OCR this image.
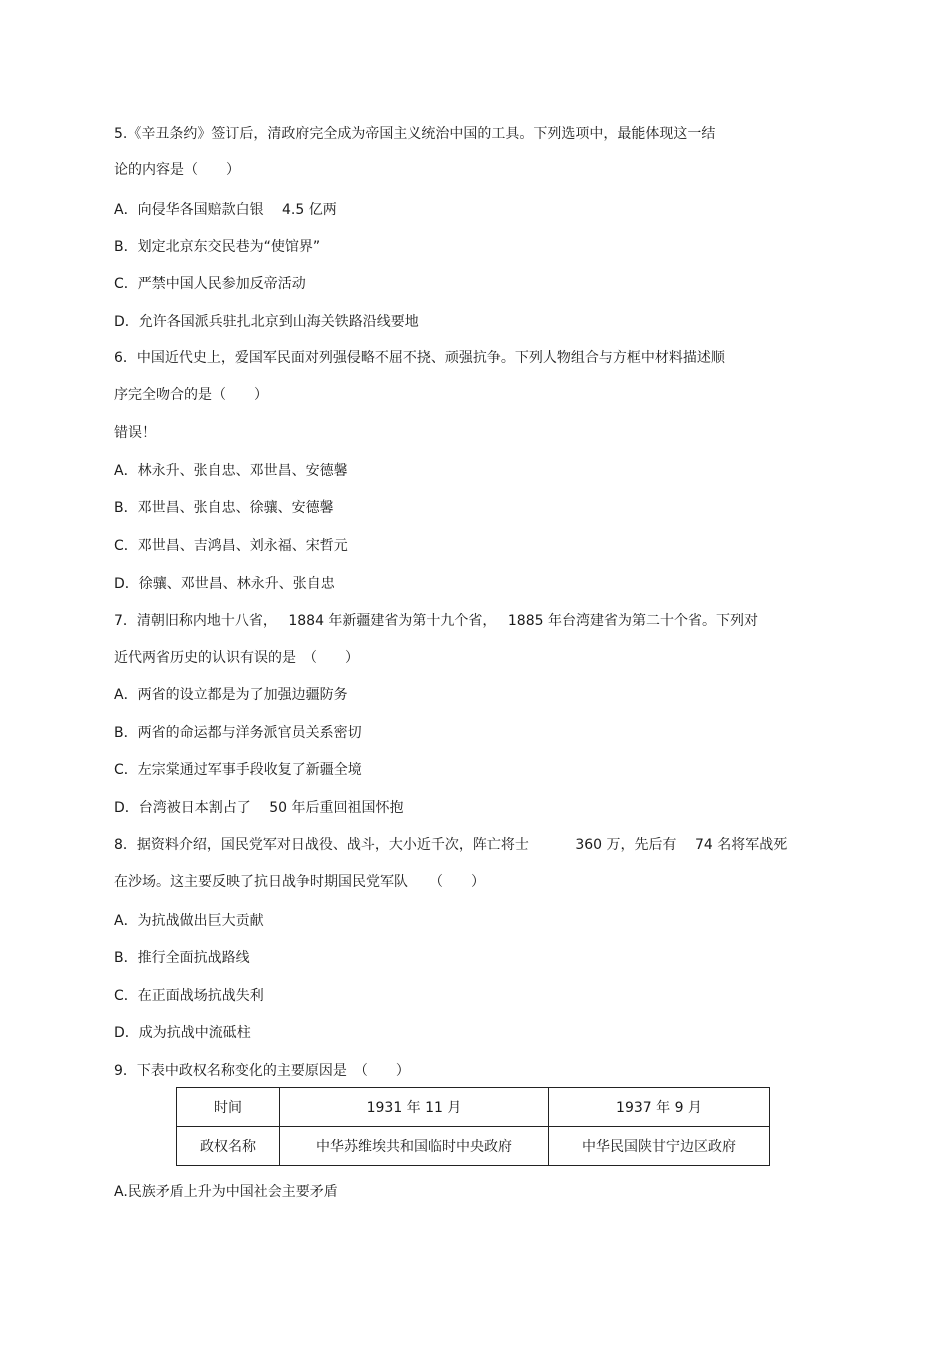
5.《辛丑条约》签订后，清政府完全成为帝国主义统治中国的工具。下列选项中，最能体现这一结
论的内容是（　　）
A．向侵华各国赔款白银　 4.5 亿两
B．划定北京东交民巷为“使馆界”
C．严禁中国人民参加反帝活动
D．允许各国派兵驻扎北京到山海关铁路沿线要地
6．中国近代史上，爱国军民面对列强侵略不屈不挠、顽强抗争。下列人物组合与方框中材料描述顺
序完全吻合的是（　　）
错误！
A．林永升、张自忠、邓世昌、安德馨
B．邓世昌、张自忠、徐骧、安德馨
C．邓世昌、吉鸿昌、刘永福、宋哲元
D．徐骧、邓世昌、林永升、张自忠
7．清朝旧称内地十八省，　 1884 年新疆建省为第十九个省，　 1885 年台湾建省为第二十个省。下列对
近代两省历史的认识有误的是　（　　）
A．两省的设立都是为了加强边疆防务
B．两省的命运都与洋务派官员关系密切
C．左宗棠通过军事手段收复了新疆全境
D．台湾被日本割占了　 50 年后重回祖国怀抱
8．据资料介绍，国民党军对日战役、战斗，大小近千次，阵亡将士　　　 360 万，先后有　 74 名将军战死
在沙场。这主要反映了抗日战争时期国民党军队　　（　　）
A．为抗战做出巨大贡献
B．推行全面抗战路线
C．在正面战场抗战失利
D．成为抗战中流砥柱
9．下表中政权名称变化的主要原因是　（　　）
时间	1931 年 11 月	1937 年 9 月
政权名称	中华苏维埃共和国临时中央政府	中华民国陕甘宁边区政府
A.民族矛盾上升为中国社会主要矛盾
